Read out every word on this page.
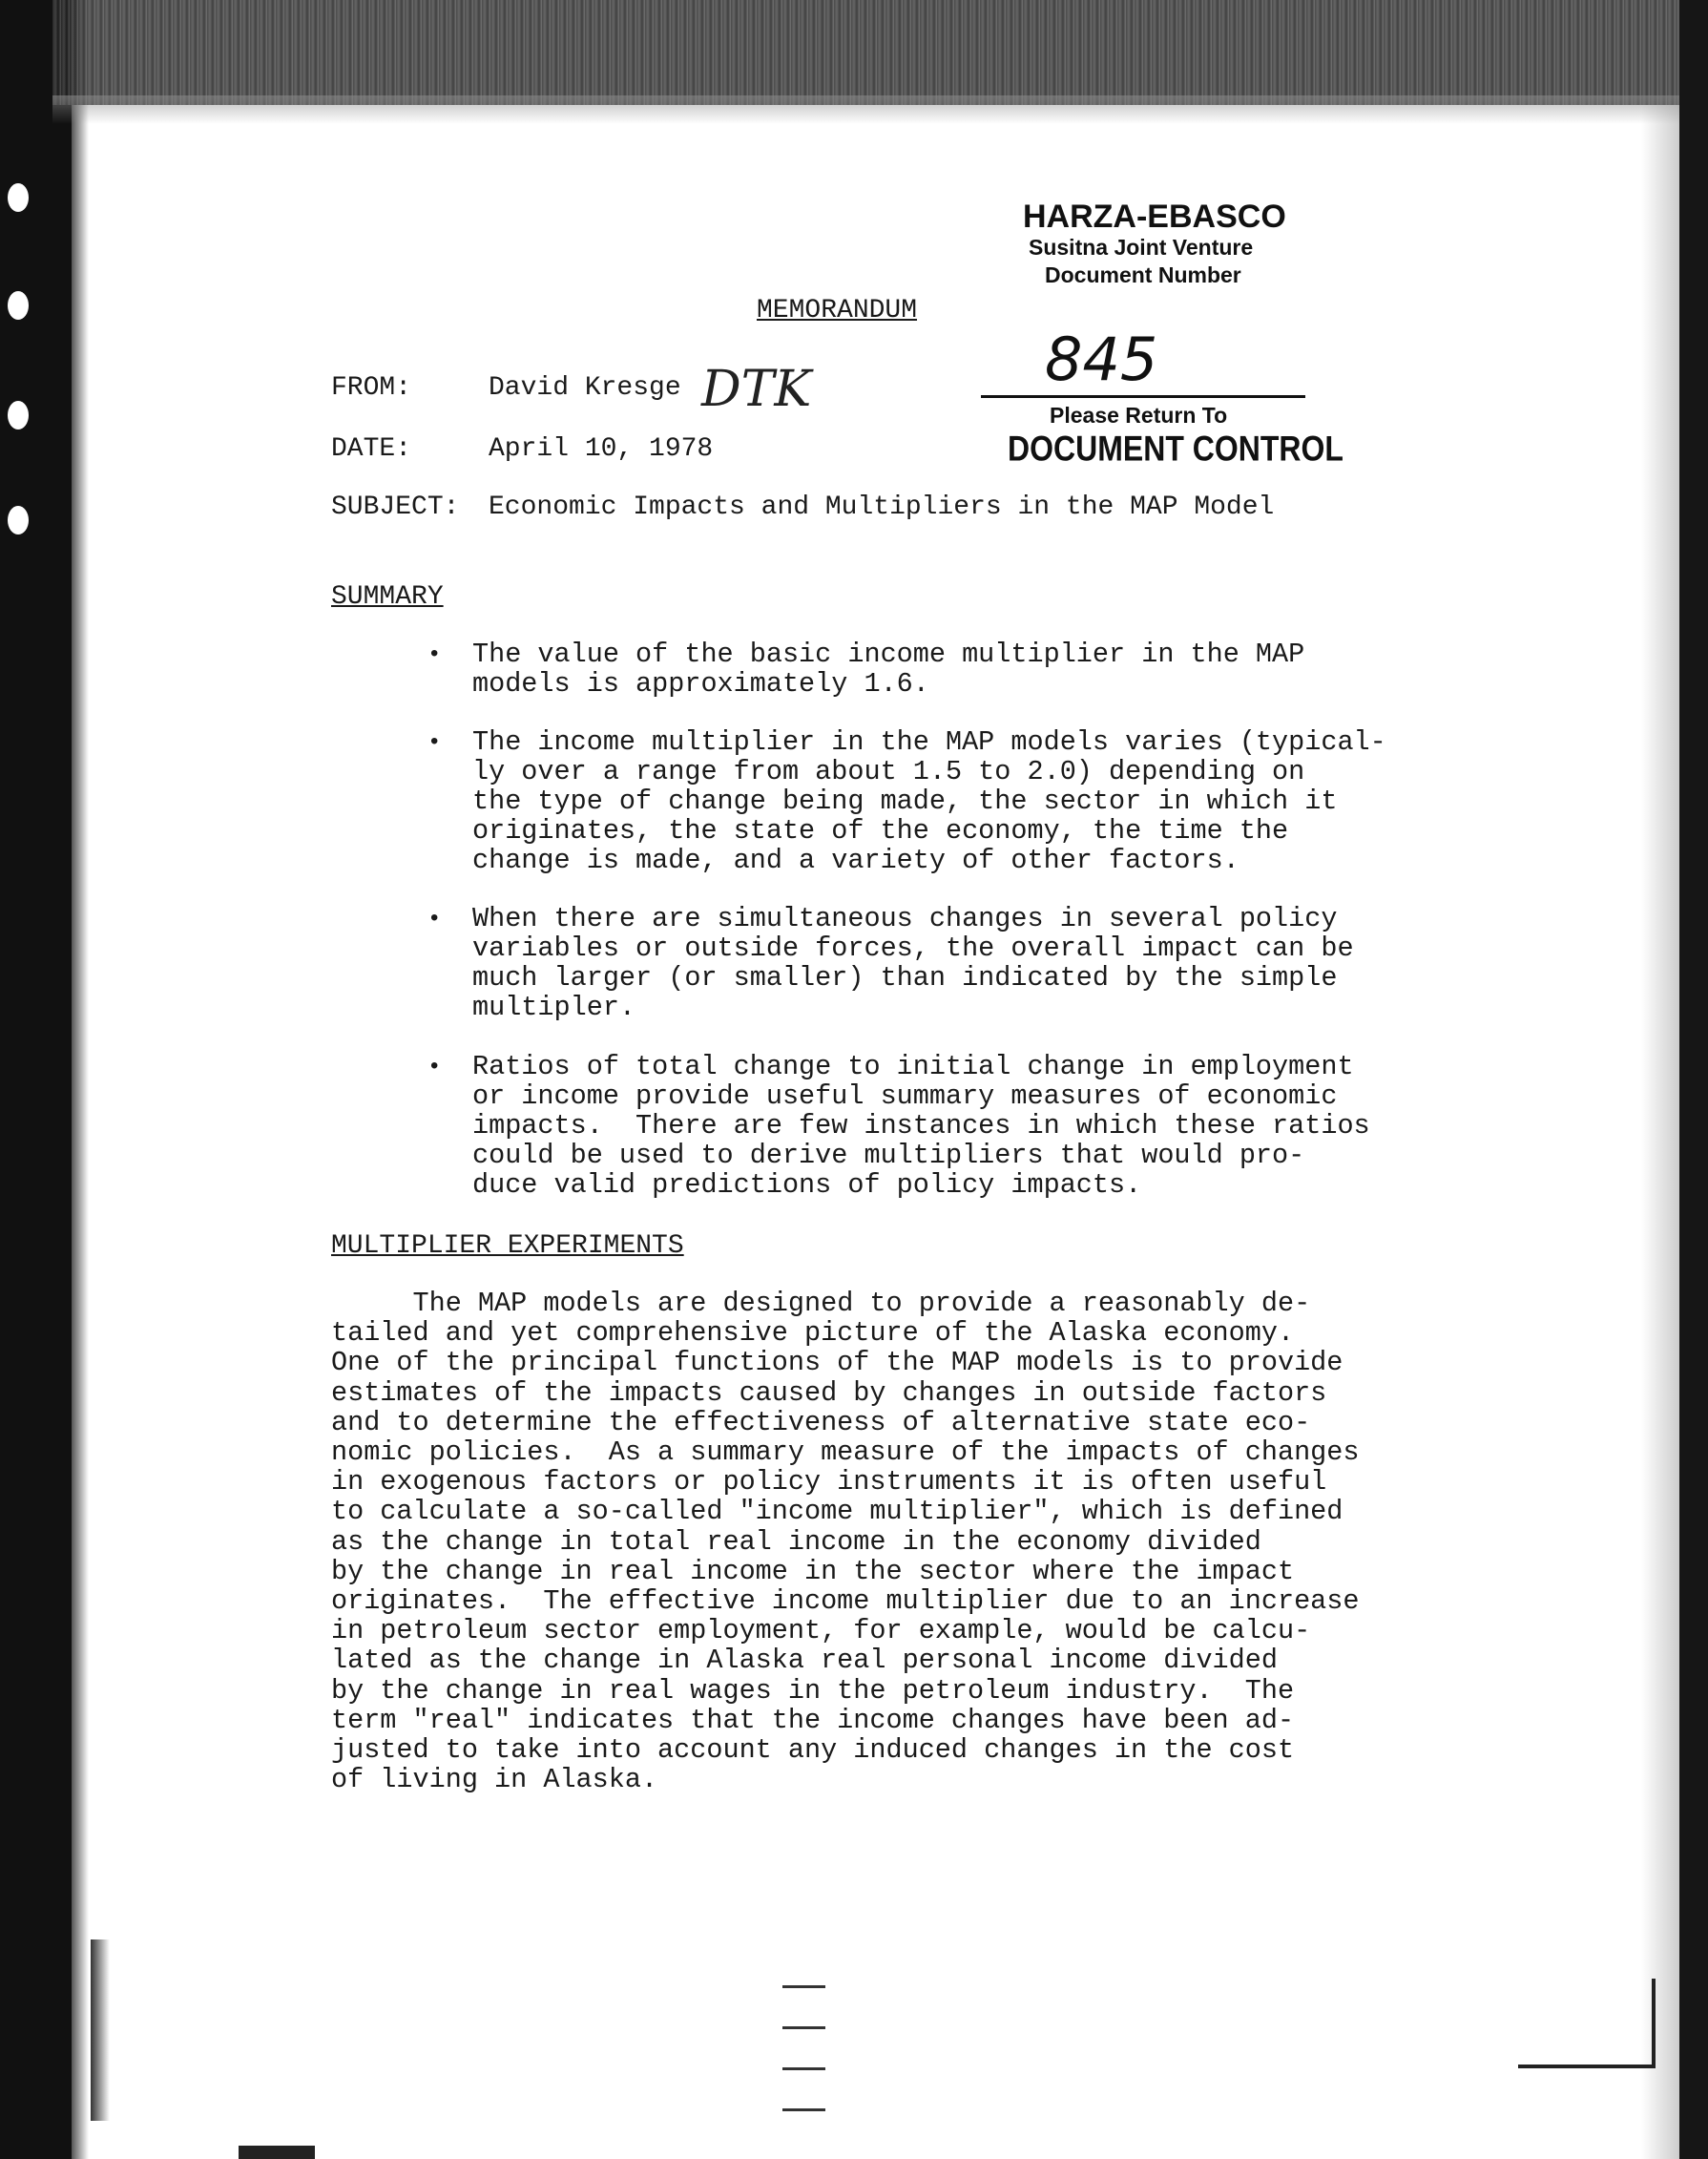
HARZA-EBASCO
Susitna Joint Venture
Document Number
845
Please Return To
DOCUMENT CONTROL
MEMORANDUM
FROM:	David Kresge DTK
DATE:	April 10, 1978
SUBJECT: Economic Impacts and Multipliers in the MAP Model
SUMMARY
• The value of the basic income multiplier in the MAP
models is approximately 1.6.
• The income multiplier in the MAP models varies (typical-
ly over a range from about 1.5 to 2.0) depending on
the type of change being made, the sector in which it
originates, the state of the economy, the time the
change is made, and a variety of other factors.
• When there are simultaneous changes in several policy
variables or outside forces, the overall impact can be
much larger (or smaller) than indicated by the simple
multipler.
• Ratios of total change to initial change in employment
or income provide useful summary measures of economic
impacts.  There are few instances in which these ratios
could be used to derive multipliers that would pro-
duce valid predictions of policy impacts.
MULTIPLIER EXPERIMENTS
The MAP models are designed to provide a reasonably de-
tailed and yet comprehensive picture of the Alaska economy.
One of the principal functions of the MAP models is to provide
estimates of the impacts caused by changes in outside factors
and to determine the effectiveness of alternative state eco-
nomic policies.  As a summary measure of the impacts of changes
in exogenous factors or policy instruments it is often useful
to calculate a so-called "income multiplier", which is defined
as the change in total real income in the economy divided
by the change in real income in the sector where the impact
originates.  The effective income multiplier due to an increase
in petroleum sector employment, for example, would be calcu-
lated as the change in Alaska real personal income divided
by the change in real wages in the petroleum industry.  The
term "real" indicates that the income changes have been ad-
justed to take into account any induced changes in the cost
of living in Alaska.
